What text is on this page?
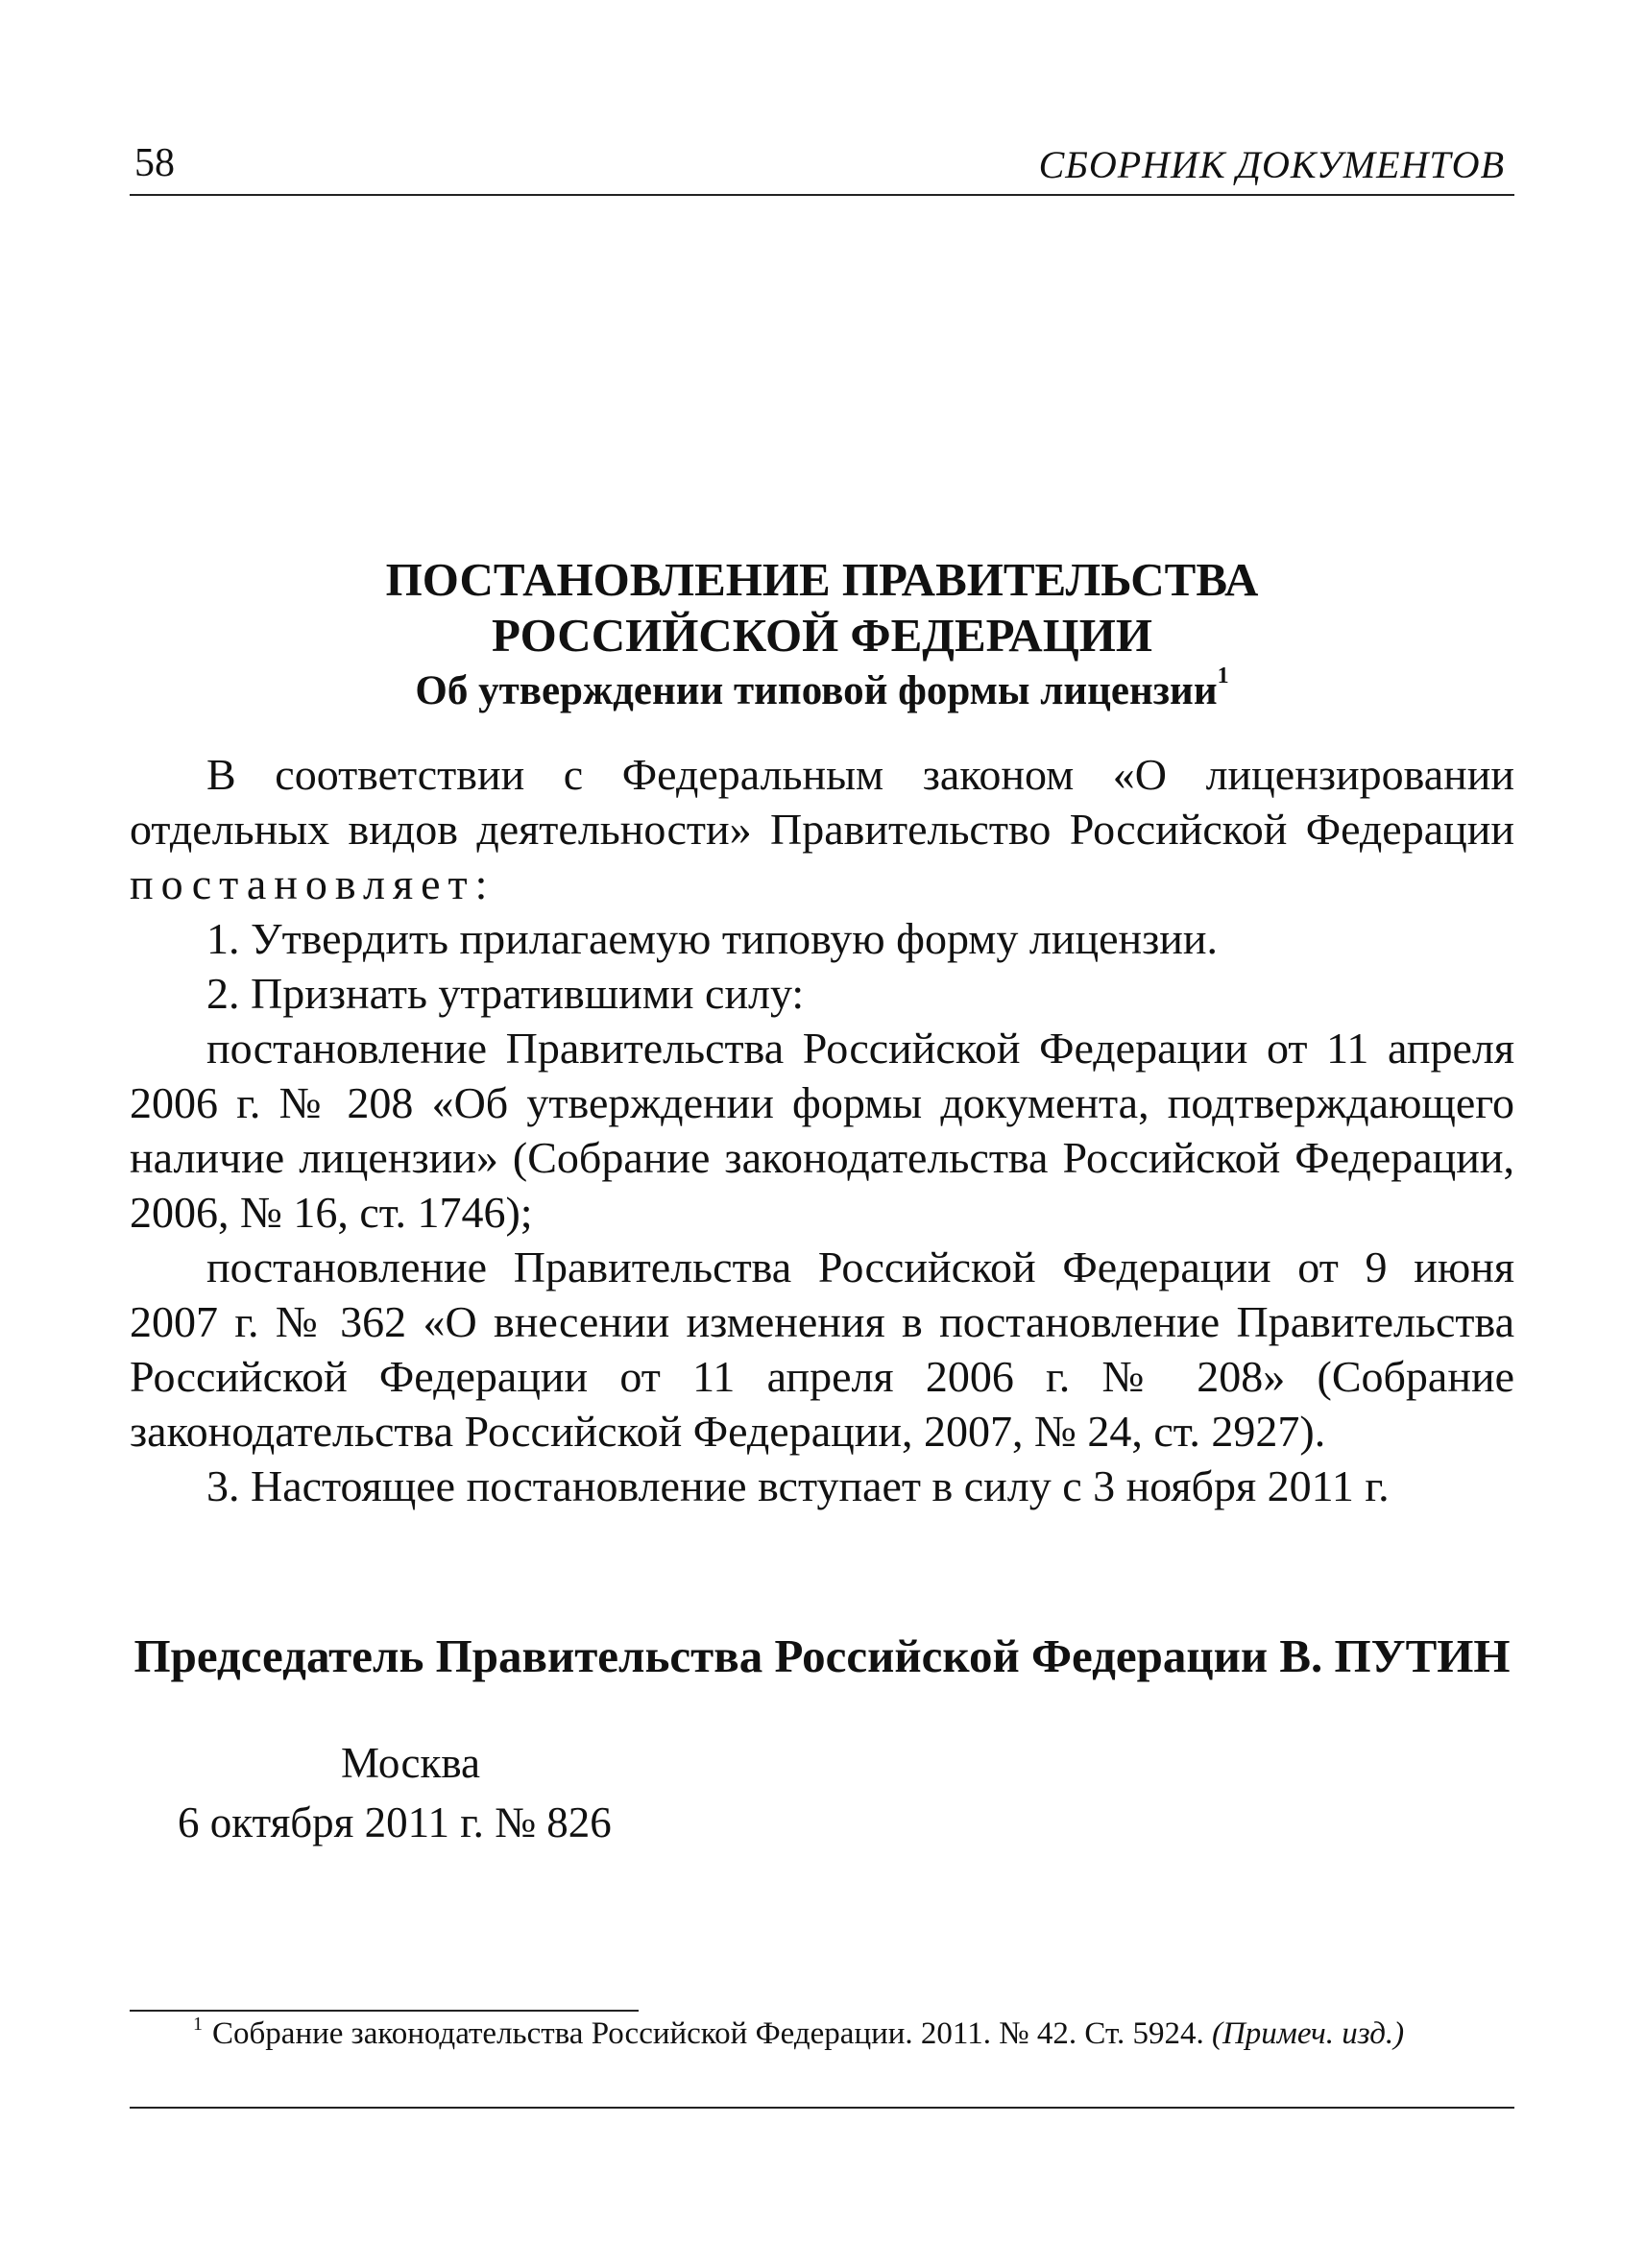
58	СБОРНИК ДОКУМЕНТОВ
ПОСТАНОВЛЕНИЕ ПРАВИТЕЛЬСТВА
РОССИЙСКОЙ ФЕДЕРАЦИИ
Об утверждении типовой формы лицензии$^1$

В соответствии с Федеральным законом «О лицензировании отдельных видов деятельности» Правительство Российской Федерации постановляет:

1. Утвердить прилагаемую типовую форму лицензии.

2. Признать утратившими силу:

постановление Правительства Российской Федерации от 11 апреля 2006 г. № 208 «Об утверждении формы документа, подтверждающего наличие лицензии» (Собрание законодательства Российской Федерации, 2006, № 16, ст. 1746);

постановление Правительства Российской Федерации от 9 июня 2007 г. № 362 «О внесении изменения в постановление Правительства Российской Федерации от 11 апреля 2006 г. № 208» (Собрание законодательства Российской Федерации, 2007, № 24, ст. 2927).

3. Настоящее постановление вступает в силу с 3 ноября 2011 г.

Председатель Правительства Российской Федерации В. ПУТИН
Москва
6 октября 2011 г. № 826
$^1$ Собрание законодательства Российской Федерации. 2011. № 42. Ст. 5924. (Примеч. изд.)
